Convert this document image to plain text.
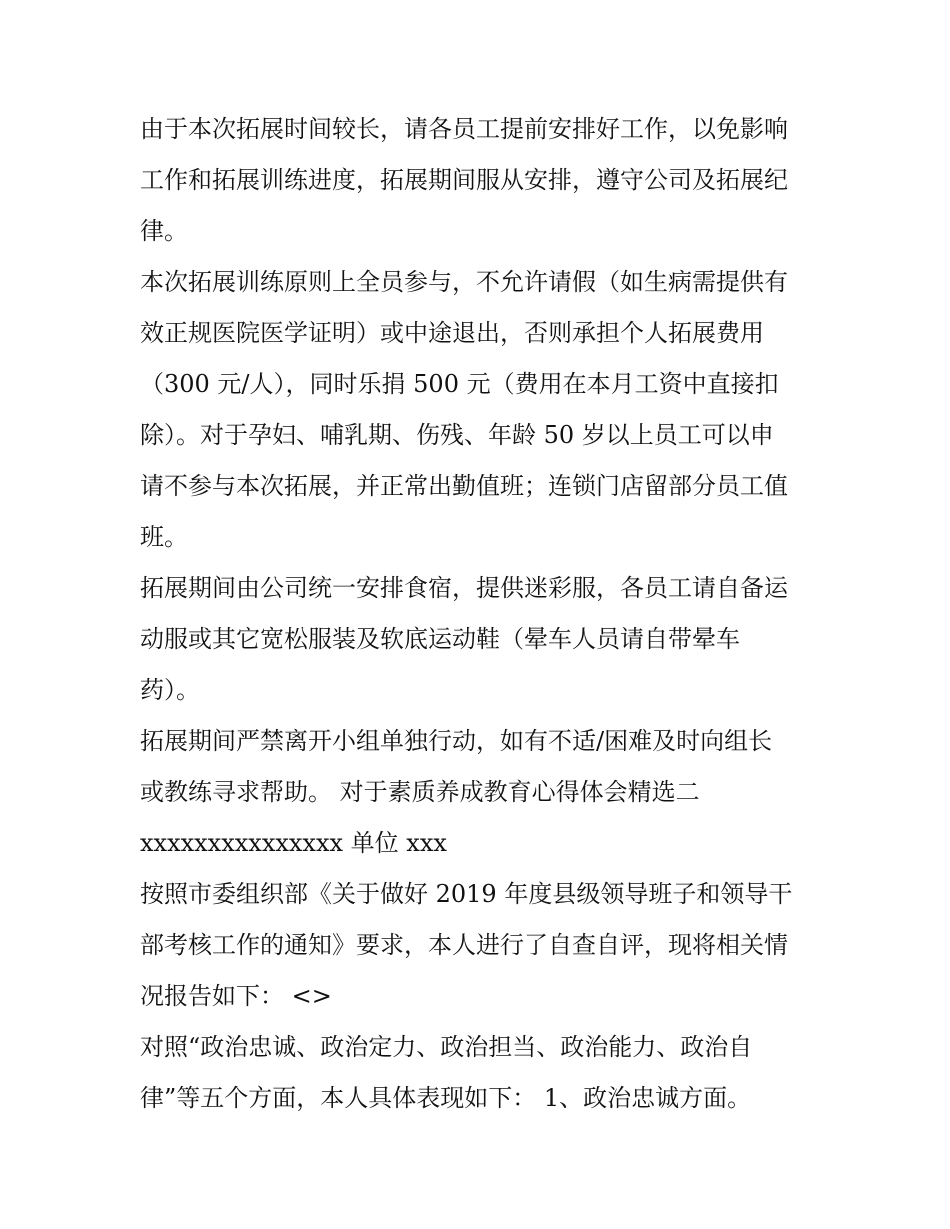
由于本次拓展时间较长，请各员工提前安排好工作，以免影响
工作和拓展训练进度，拓展期间服从安排，遵守公司及拓展纪
律。

本次拓展训练原则上全员参与，不允许请假（如生病需提供有
效正规医院医学证明）或中途退出，否则承担个人拓展费用
（300 元/人），同时乐捐 500 元（费用在本月工资中直接扣
除）。对于孕妇、哺乳期、伤残、年龄 50 岁以上员工可以申
请不参与本次拓展，并正常出勤值班；连锁门店留部分员工值
班。

拓展期间由公司统一安排食宿，提供迷彩服，各员工请自备运
动服或其它宽松服装及软底运动鞋（晕车人员请自带晕车
药）。

拓展期间严禁离开小组单独行动，如有不适/困难及时向组长
或教练寻求帮助。 对于素质养成教育心得体会精选二

xxxxxxxxxxxxxxx 单位 xxx

按照市委组织部《关于做好 2019 年度县级领导班子和领导干
部考核工作的通知》要求，本人进行了自查自评，现将相关情
况报告如下： <>

对照“政治忠诚、政治定力、政治担当、政治能力、政治自
律”等五个方面，本人具体表现如下： 1、政治忠诚方面。
